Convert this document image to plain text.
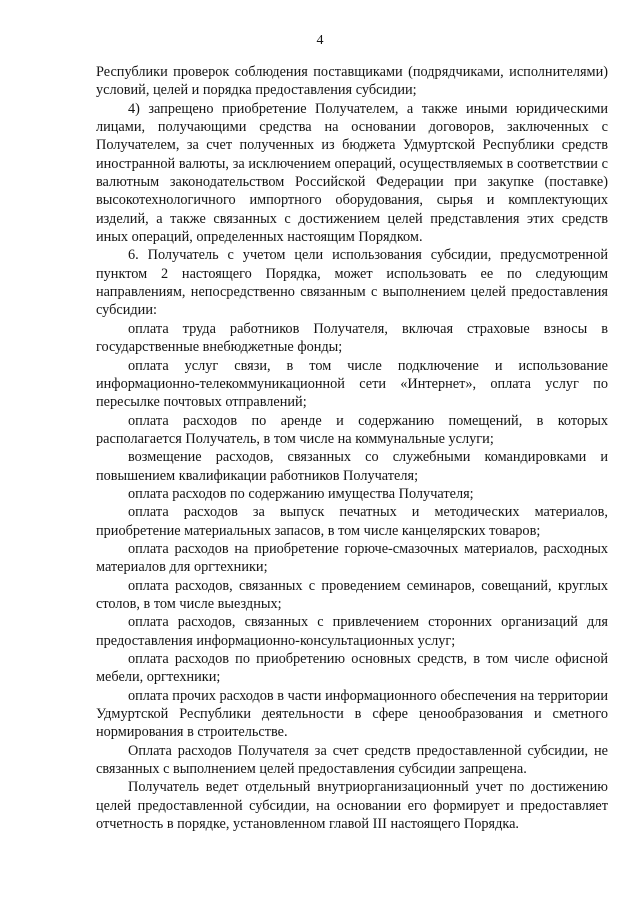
4

Республики проверок соблюдения поставщиками (подрядчиками, исполнителями) условий, целей и порядка предоставления субсидии;

4) запрещено приобретение Получателем, а также иными юридическими лицами, получающими средства на основании договоров, заключенных с Получателем, за счет полученных из бюджета Удмуртской Республики средств иностранной валюты, за исключением операций, осуществляемых в соответствии с валютным законодательством Российской Федерации при закупке (поставке) высокотехнологичного импортного оборудования, сырья и комплектующих изделий, а также связанных с достижением целей представления этих средств иных операций, определенных настоящим Порядком.

6. Получатель с учетом цели использования субсидии, предусмотренной пунктом 2 настоящего Порядка, может использовать ее по следующим направлениям, непосредственно связанным с выполнением целей предоставления субсидии:

оплата труда работников Получателя, включая страховые взносы в государственные внебюджетные фонды;

оплата услуг связи, в том числе подключение и использование информационно-телекоммуникационной сети «Интернет», оплата услуг по пересылке почтовых отправлений;

оплата расходов по аренде и содержанию помещений, в которых располагается Получатель, в том числе на коммунальные услуги;

возмещение расходов, связанных со служебными командировками и повышением квалификации работников Получателя;

оплата расходов по содержанию имущества Получателя;

оплата расходов за выпуск печатных и методических материалов, приобретение материальных запасов, в том числе канцелярских товаров;

оплата расходов на приобретение горюче-смазочных материалов, расходных материалов для оргтехники;

оплата расходов, связанных с проведением семинаров, совещаний, круглых столов, в том числе выездных;

оплата расходов, связанных с привлечением сторонних организаций для предоставления информационно-консультационных услуг;

оплата расходов по приобретению основных средств, в том числе офисной мебели, оргтехники;

оплата прочих расходов в части информационного обеспечения на территории Удмуртской Республики деятельности в сфере ценообразования и сметного нормирования в строительстве.

Оплата расходов Получателя за счет средств предоставленной субсидии, не связанных с выполнением целей предоставления субсидии запрещена.

Получатель ведет отдельный внутриорганизационный учет по достижению целей предоставленной субсидии, на основании его формирует и предоставляет отчетность в порядке, установленном главой III настоящего Порядка.
